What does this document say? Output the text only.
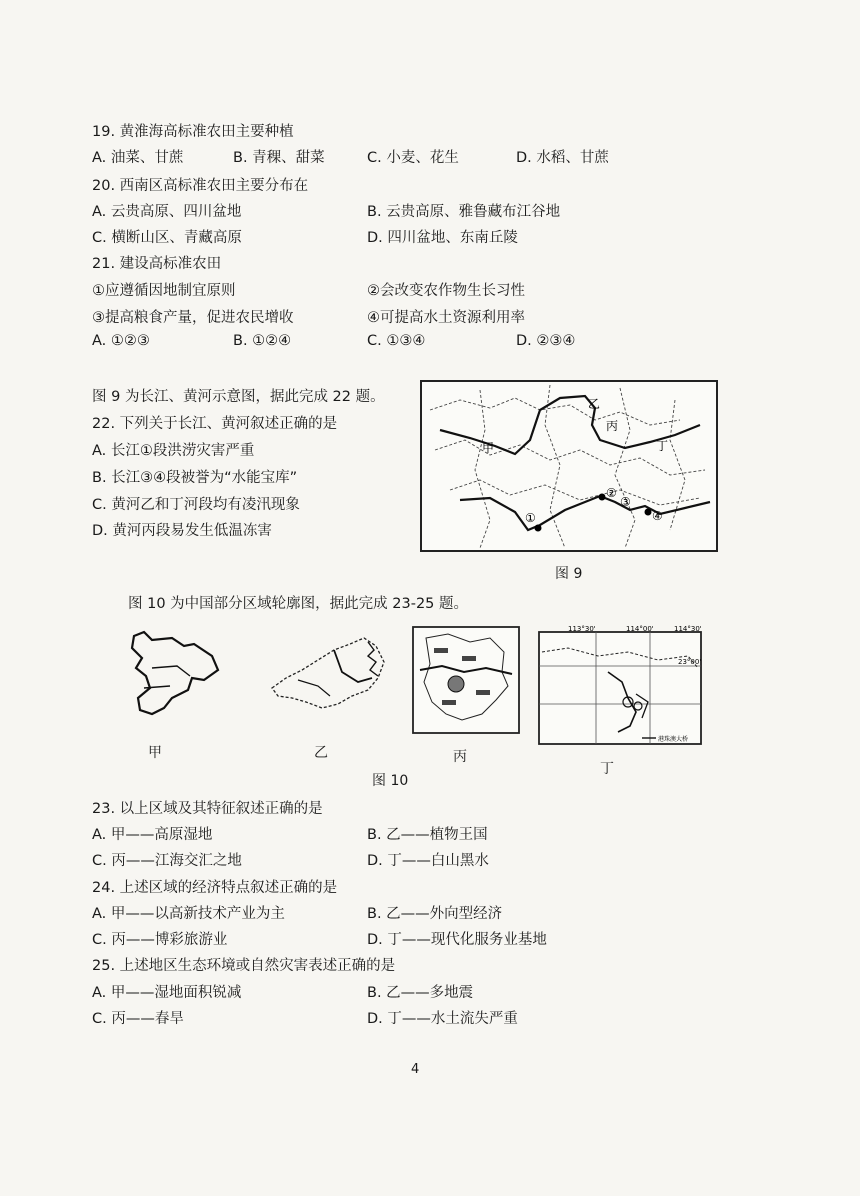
19. 黄淮海高标准农田主要种植
A. 油菜、甘蔗	B. 青稞、甜菜	C. 小麦、花生	D. 水稻、甘蔗
20. 西南区高标准农田主要分布在
A. 云贵高原、四川盆地	B. 云贵高原、雅鲁藏布江谷地
C. 横断山区、青藏高原	D. 四川盆地、东南丘陵
21. 建设高标准农田
①应遵循因地制宜原则	②会改变农作物生长习性
③提高粮食产量，促进农民增收	④可提高水土资源利用率
A. ①②③	B. ①②④	C. ①③④	D. ②③④
图 9 为长江、黄河示意图，据此完成 22 题。
22. 下列关于长江、黄河叙述正确的是
A. 长江①段洪涝灾害严重
B. 长江③④段被誉为“水能宝库”
C. 黄河乙和丁河段均有凌汛现象
D. 黄河丙段易发生低温冻害
①
②
③
④
甲
乙
丙
丁
图 9
图 10 为中国部分区域轮廓图，据此完成 23-25 题。
甲	乙	丙
113°30'	114°00'	114°30'
23°00'
港珠澳大桥
丁
图 10
23. 以上区域及其特征叙述正确的是
A. 甲——高原湿地	B. 乙——植物王国
C. 丙——江海交汇之地	D. 丁——白山黑水
24. 上述区域的经济特点叙述正确的是
A. 甲——以高新技术产业为主	B. 乙——外向型经济
C. 丙——博彩旅游业	D. 丁——现代化服务业基地
25. 上述地区生态环境或自然灾害表述正确的是
A. 甲——湿地面积锐减	B. 乙——多地震
C. 丙——春旱	D. 丁——水土流失严重
4
